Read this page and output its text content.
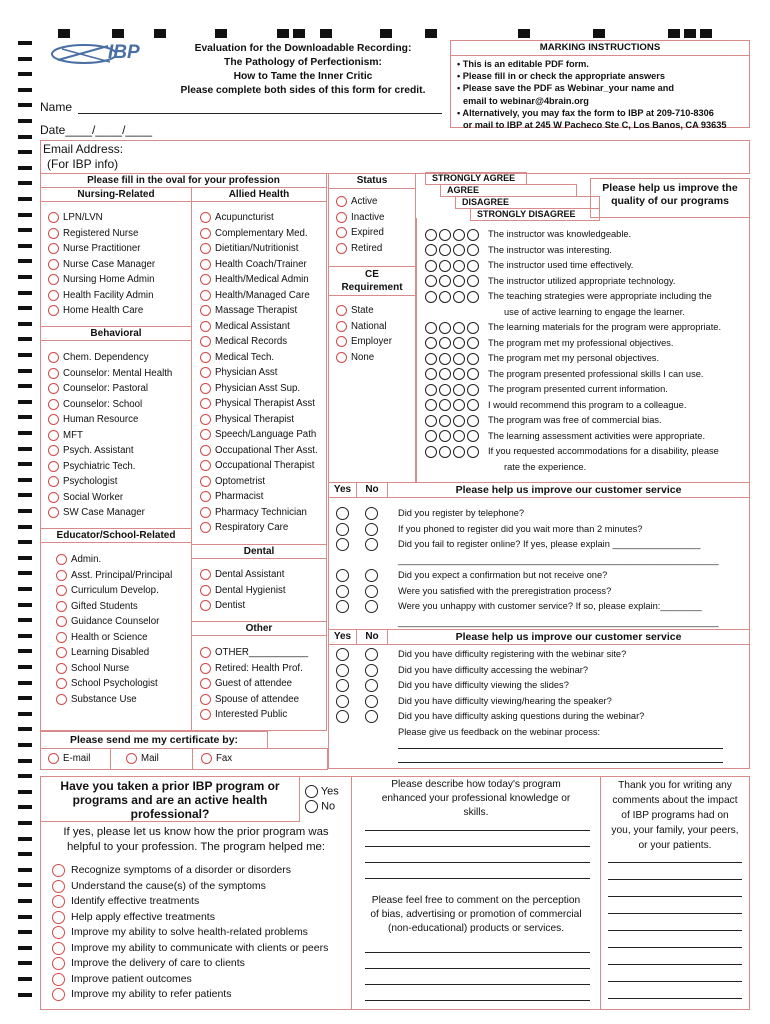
IBP	Evaluation for the Downloadable Recording:
The Pathology of Perfectionism:
How to Tame the Inner Critic
Please complete both sides of this form for credit.
MARKING INSTRUCTIONS
• This is an editable PDF form.
• Please fill in or check the appropriate answers
• Please save the PDF as Webinar_your name and
email to webinar@4brain.org
• Alternatively, you may fax the form to IBP at 209-710-8306
or mail to IBP at 245 W Pacheco Ste C, Los Banos, CA 93635
Name
Date____/____/____
Email Address:
(For IBP info)
Please fill in the oval for your profession
Nursing-Related	Allied Health
LPN/LVN
Registered Nurse
Nurse Practitioner
Nurse Case Manager
Nursing Home Admin
Health Facility Admin
Home Health Care
Behavioral
Chem. Dependency
Counselor: Mental Health
Counselor: Pastoral
Counselor: School
Human Resource
MFT
Psych. Assistant
Psychiatric Tech.
Psychologist
Social Worker
SW Case Manager
Educator/School-Related
Admin.
Asst. Principal/Principal
Curriculum Develop.
Gifted Students
Guidance Counselor
Health or Science
Learning Disabled
School Nurse
School Psychologist
Substance Use
Acupuncturist
Complementary Med.
Dietitian/Nutritionist
Health Coach/Trainer
Health/Medical Admin
Health/Managed Care
Massage Therapist
Medical Assistant
Medical Records
Medical Tech.
Physician Asst
Physician Asst Sup.
Physical Therapist Asst
Physical Therapist
Speech/Language Path
Occupational Ther Asst.
Occupational Therapist
Optometrist
Pharmacist
Pharmacy Technician
Respiratory Care
Dental
Dental Assistant
Dental Hygienist
Dentist
Other
OTHER___________
Retired: Health Prof.
Guest of attendee
Spouse of attendee
Interested Public
Status
Active
Inactive
Expired
Retired
CE
Requirement
State
National
Employer
None
STRONGLY AGREE
AGREE
DISAGREE
STRONGLY DISAGREE
Please help us improve the
quality of our programs
The instructor was knowledgeable.
The instructor was interesting.
The instructor used time effectively.
The instructor utilized appropriate technology.
The teaching strategies were appropriate including the
use of active learning to engage the learner.
The learning materials for the program were appropriate.
The program met my professional objectives.
The program met my personal objectives.
The program presented professional skills I can use.
The program presented current information.
I would recommend this program to a colleague.
The program was free of commercial bias.
The learning assessment activities were appropriate.
If you requested accommodations for a disability, please
rate the experience.
Yes	No	Please help us improve our customer service
Did you register by telephone?
If you phoned to register did you wait more than 2 minutes?
Did you fail to register online? If yes, please explain _________________
______________________________________________________________
Did you expect a confirmation but not receive one?
Were you satisfied with the preregistration process?
Were you unhappy with customer service? If so, please explain:________
______________________________________________________________
Yes	No	Please help us improve our customer service
Did you have difficulty registering with the webinar site?
Did you have difficulty accessing the webinar?
Did you have difficulty viewing the slides?
Did you have difficulty viewing/hearing the speaker?
Did you have difficulty asking questions during the webinar?
Please give us feedback on the webinar process:
Please send me my certificate by:
E-mail	Mail	Fax
Have you taken a prior IBP program or
programs and are an active health
professional?
Yes
No
If yes, please let us know how the prior program was
helpful to your profession. The program helped me:
Recognize symptoms of a disorder or disorders
Understand the cause(s) of the symptoms
Identify effective treatments
Help apply effective treatments
Improve my ability to solve health-related problems
Improve my ability to communicate with clients or peers
Improve the delivery of care to clients
Improve patient outcomes
Improve my ability to refer patients
Please describe how today's program
enhanced your professional knowledge or
skills.
Please feel free to comment on the perception
of bias, advertising or promotion of commercial
(non-educational) products or services.
Thank you for writing any
comments about the impact
of IBP programs had on
you, your family, your peers,
or your patients.
